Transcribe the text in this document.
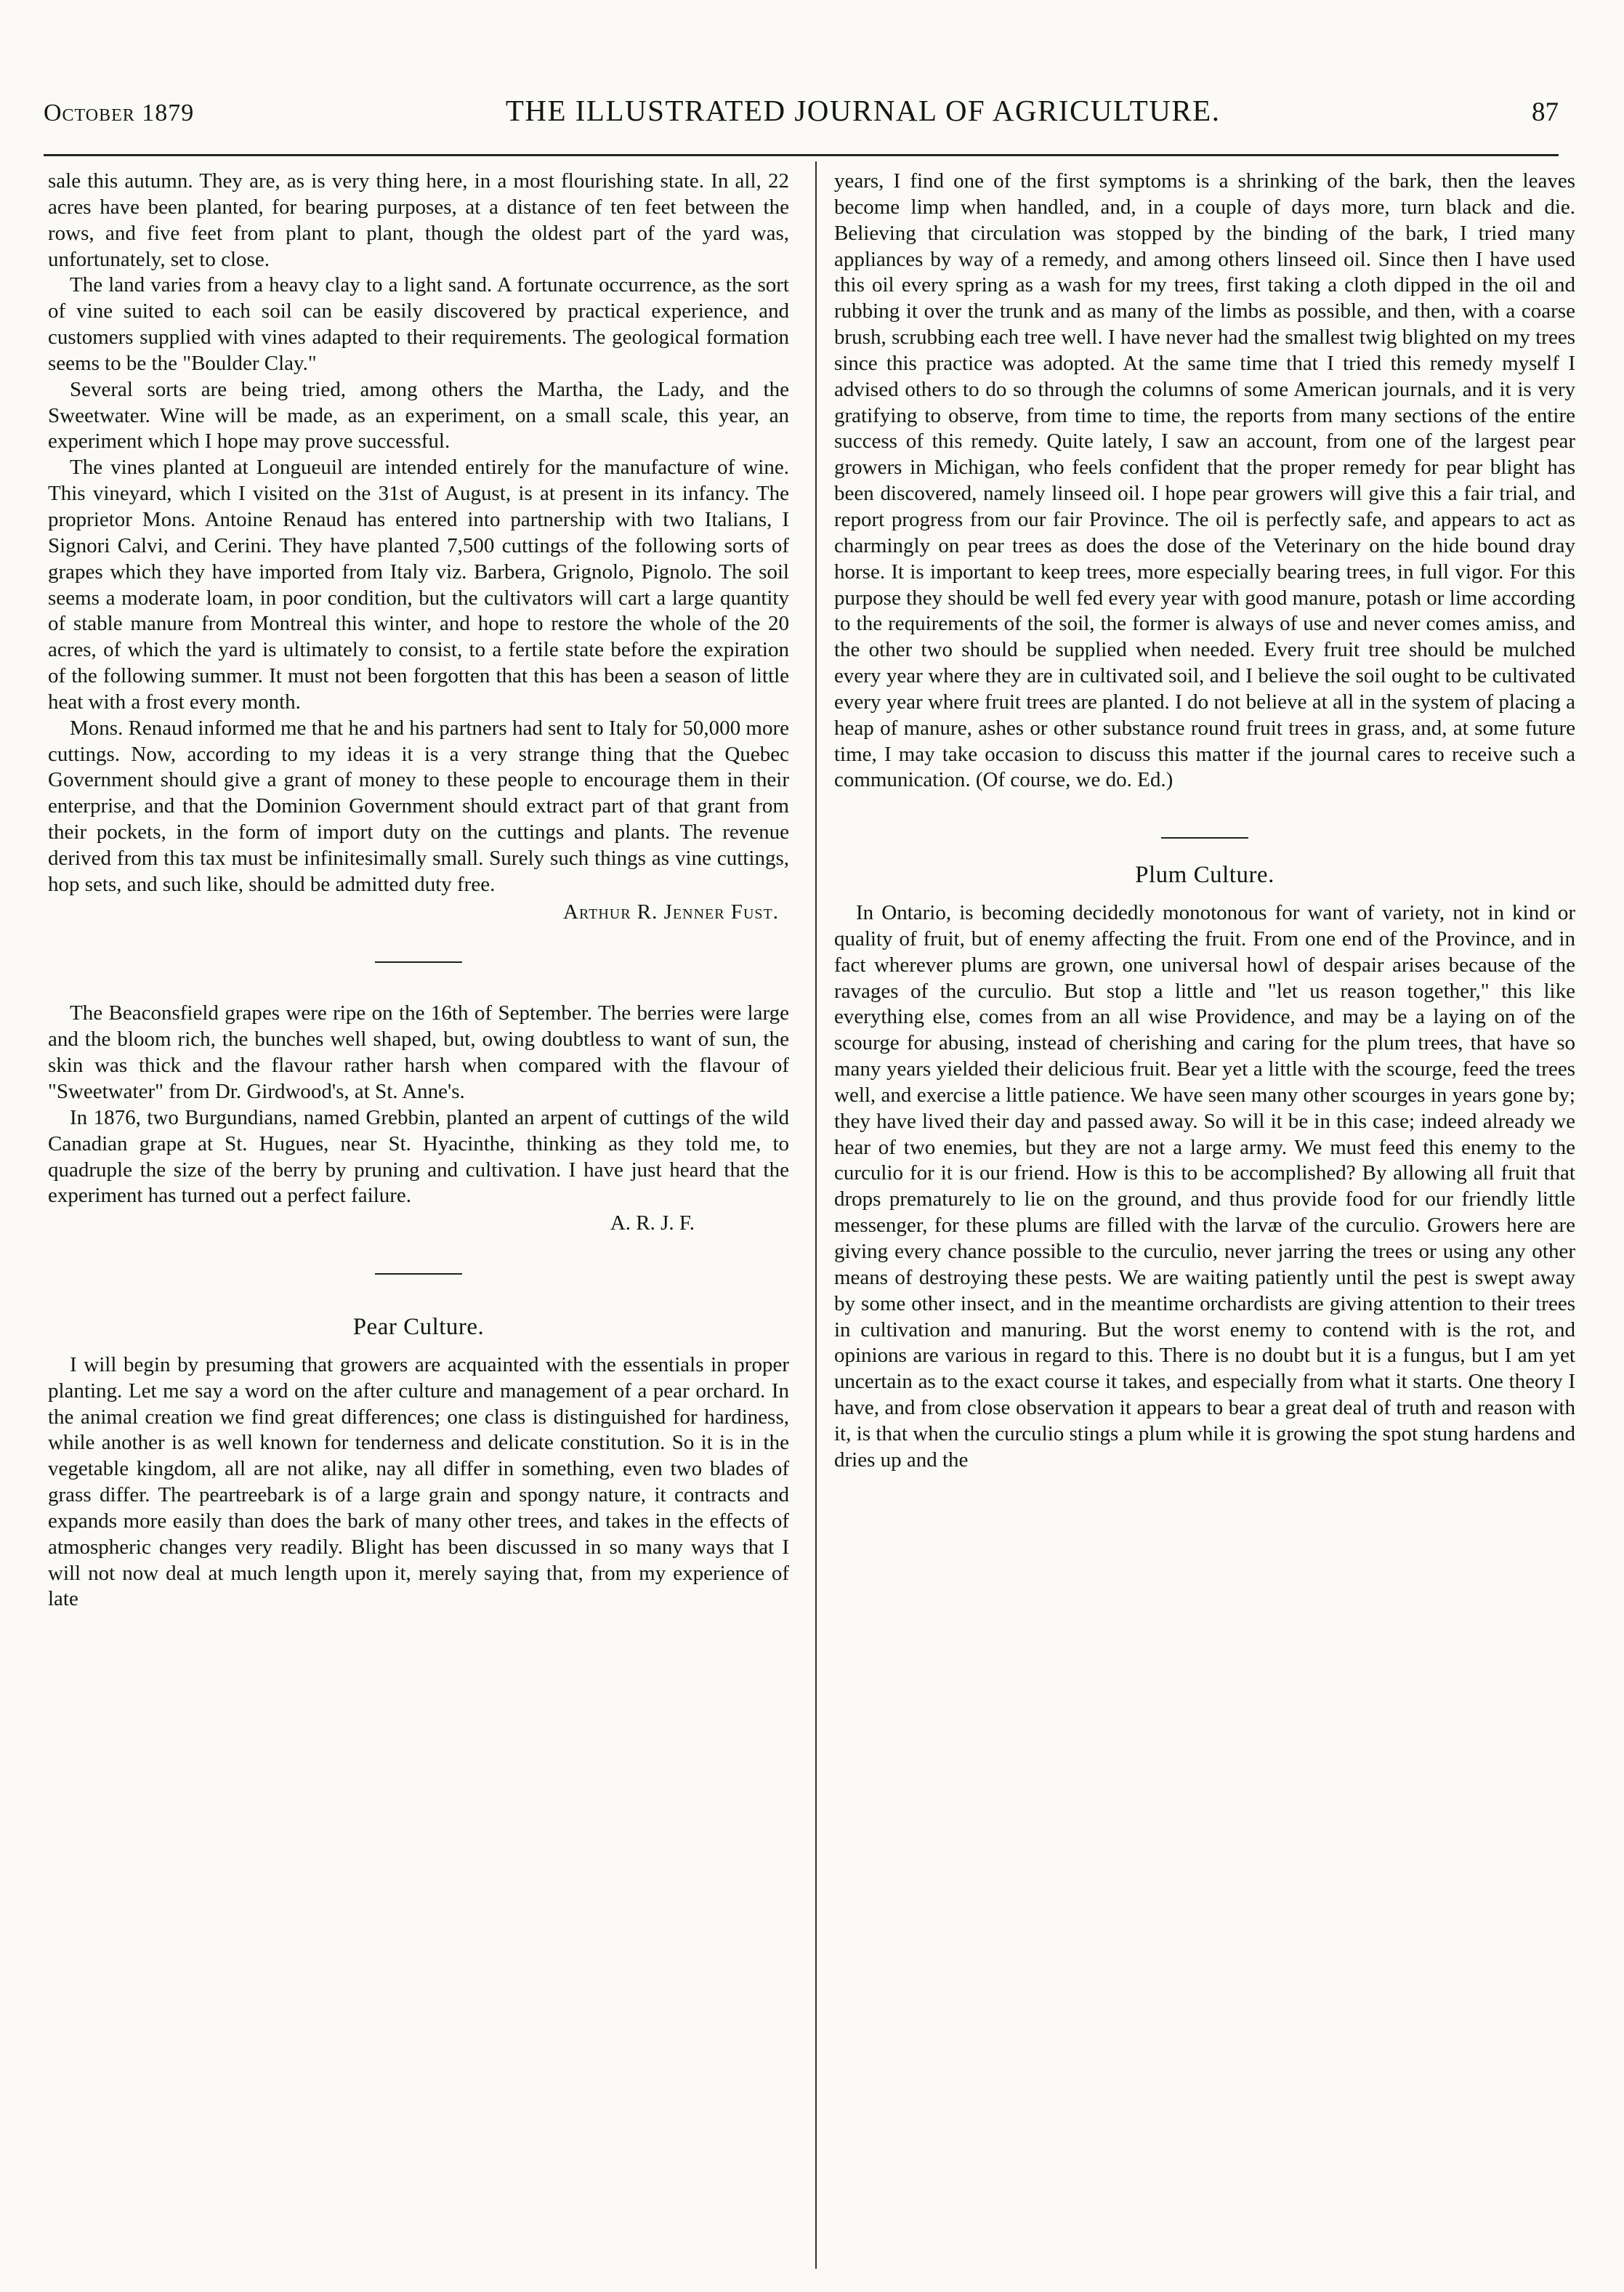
October 1879	THE ILLUSTRATED JOURNAL OF AGRICULTURE.	87

sale this autumn. They are, as is very thing here, in a most flourishing state. In all, 22 acres have been planted, for bearing purposes, at a distance of ten feet between the rows, and five feet from plant to plant, though the oldest part of the yard was, unfortunately, set to close.

The land varies from a heavy clay to a light sand. A fortunate occurrence, as the sort of vine suited to each soil can be easily discovered by practical experience, and customers supplied with vines adapted to their requirements. The geological formation seems to be the "Boulder Clay."

Several sorts are being tried, among others the Martha, the Lady, and the Sweetwater. Wine will be made, as an experiment, on a small scale, this year, an experiment which I hope may prove successful.

The vines planted at Longueuil are intended entirely for the manufacture of wine. This vineyard, which I visited on the 31st of August, is at present in its infancy. The proprietor Mons. Antoine Renaud has entered into partnership with two Italians, I Signori Calvi, and Cerini. They have planted 7,500 cuttings of the following sorts of grapes which they have imported from Italy viz. Barbera, Grignolo, Pignolo. The soil seems a moderate loam, in poor condition, but the cultivators will cart a large quantity of stable manure from Montreal this winter, and hope to restore the whole of the 20 acres, of which the yard is ultimately to consist, to a fertile state before the expiration of the following summer. It must not been forgotten that this has been a season of little heat with a frost every month.

Mons. Renaud informed me that he and his partners had sent to Italy for 50,000 more cuttings. Now, according to my ideas it is a very strange thing that the Quebec Government should give a grant of money to these people to encourage them in their enterprise, and that the Dominion Government should extract part of that grant from their pockets, in the form of import duty on the cuttings and plants. The revenue derived from this tax must be infinitesimally small. Surely such things as vine cuttings, hop sets, and such like, should be admitted duty free.

Arthur R. Jenner Fust.

The Beaconsfield grapes were ripe on the 16th of September. The berries were large and the bloom rich, the bunches well shaped, but, owing doubtless to want of sun, the skin was thick and the flavour rather harsh when compared with the flavour of "Sweetwater" from Dr. Girdwood's, at St. Anne's.

In 1876, two Burgundians, named Grebbin, planted an arpent of cuttings of the wild Canadian grape at St. Hugues, near St. Hyacinthe, thinking as they told me, to quadruple the size of the berry by pruning and cultivation. I have just heard that the experiment has turned out a perfect failure.

A. R. J. F.
Pear Culture.

I will begin by presuming that growers are acquainted with the essentials in proper planting. Let me say a word on the after culture and management of a pear orchard. In the animal creation we find great differences; one class is distinguished for hardiness, while another is as well known for tenderness and delicate constitution. So it is in the vegetable kingdom, all are not alike, nay all differ in something, even two blades of grass differ. The peartreebark is of a large grain and spongy nature, it contracts and expands more easily than does the bark of many other trees, and takes in the effects of atmospheric changes very readily. Blight has been discussed in so many ways that I will not now deal at much length upon it, merely saying that, from my experience of late

years, I find one of the first symptoms is a shrinking of the bark, then the leaves become limp when handled, and, in a couple of days more, turn black and die. Believing that circulation was stopped by the binding of the bark, I tried many appliances by way of a remedy, and among others linseed oil. Since then I have used this oil every spring as a wash for my trees, first taking a cloth dipped in the oil and rubbing it over the trunk and as many of the limbs as possible, and then, with a coarse brush, scrubbing each tree well. I have never had the smallest twig blighted on my trees since this practice was adopted. At the same time that I tried this remedy myself I advised others to do so through the columns of some American journals, and it is very gratifying to observe, from time to time, the reports from many sections of the entire success of this remedy. Quite lately, I saw an account, from one of the largest pear growers in Michigan, who feels confident that the proper remedy for pear blight has been discovered, namely linseed oil. I hope pear growers will give this a fair trial, and report progress from our fair Province. The oil is perfectly safe, and appears to act as charmingly on pear trees as does the dose of the Veterinary on the hide bound dray horse. It is important to keep trees, more especially bearing trees, in full vigor. For this purpose they should be well fed every year with good manure, potash or lime according to the requirements of the soil, the former is always of use and never comes amiss, and the other two should be supplied when needed. Every fruit tree should be mulched every year where they are in cultivated soil, and I believe the soil ought to be cultivated every year where fruit trees are planted. I do not believe at all in the system of placing a heap of manure, ashes or other substance round fruit trees in grass, and, at some future time, I may take occasion to discuss this matter if the journal cares to receive such a communication. (Of course, we do. Ed.)

Plum Culture.

In Ontario, is becoming decidedly monotonous for want of variety, not in kind or quality of fruit, but of enemy affecting the fruit. From one end of the Province, and in fact wherever plums are grown, one universal howl of despair arises because of the ravages of the curculio. But stop a little and "let us reason together," this like everything else, comes from an all wise Providence, and may be a laying on of the scourge for abusing, instead of cherishing and caring for the plum trees, that have so many years yielded their delicious fruit. Bear yet a little with the scourge, feed the trees well, and exercise a little patience. We have seen many other scourges in years gone by; they have lived their day and passed away. So will it be in this case; indeed already we hear of two enemies, but they are not a large army. We must feed this enemy to the curculio for it is our friend. How is this to be accomplished? By allowing all fruit that drops prematurely to lie on the ground, and thus provide food for our friendly little messenger, for these plums are filled with the larvæ of the curculio. Growers here are giving every chance possible to the curculio, never jarring the trees or using any other means of destroying these pests. We are waiting patiently until the pest is swept away by some other insect, and in the meantime orchardists are giving attention to their trees in cultivation and manuring. But the worst enemy to contend with is the rot, and opinions are various in regard to this. There is no doubt but it is a fungus, but I am yet uncertain as to the exact course it takes, and especially from what it starts. One theory I have, and from close observation it appears to bear a great deal of truth and reason with it, is that when the curculio stings a plum while it is growing the spot stung hardens and dries up and the
